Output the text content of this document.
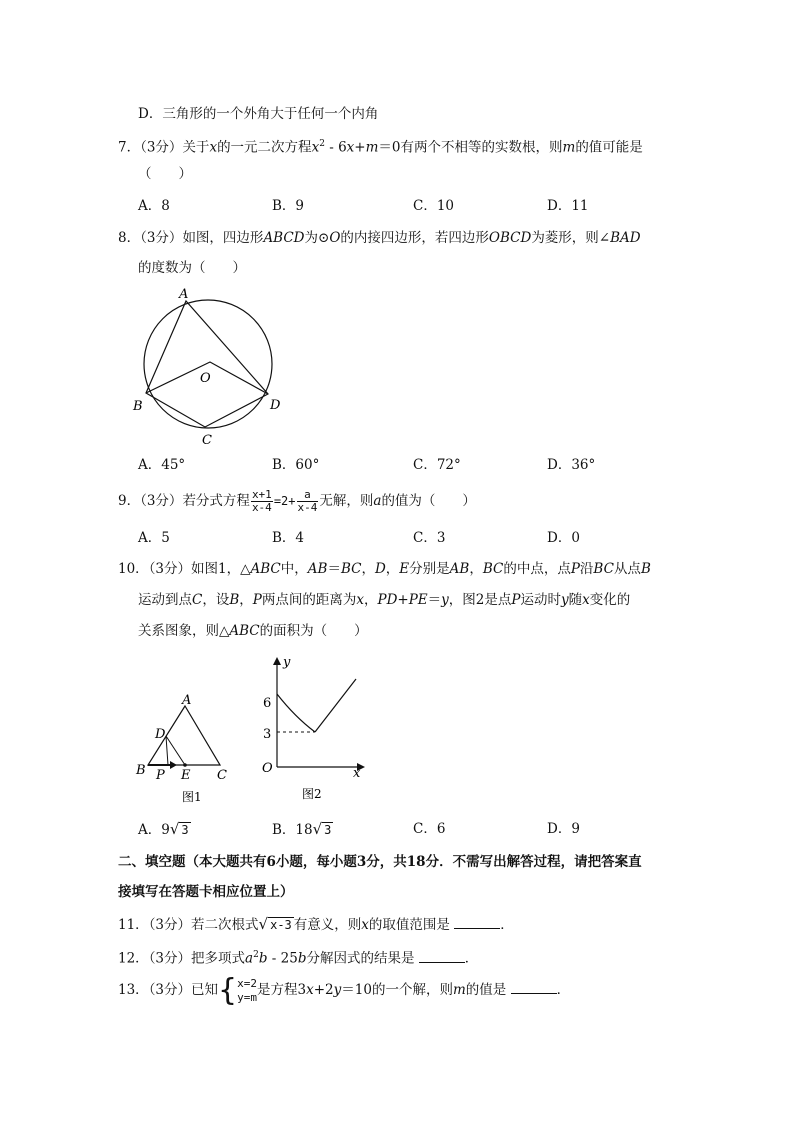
D．三角形的一个外角大于任何一个内角
7．（3分）关于x的一元二次方程$x^2 - 6x+m=0$有两个不相等的实数根，则m的值可能是
（　　）
A．8	B．9	C．10	D．11
8．（3分）如图，四边形ABCD为⊙O的内接四边形，若四边形OBCD为菱形，则∠BAD
的度数为（　　）
A
O
B	D
C
A．45°	B．60°	C．72°	D．36°
9．（3分）若分式方程 $\frac{x+1}{x-4} =2+ \frac{a}{x-4}$ 无解，则a的值为（　　）
A．5	B．4	C．3	D．0
10．（3分）如图1，△ABC中，AB＝BC，D，E分别是AB，BC的中点，点P沿BC从点B
运动到点C，设B，P两点间的距离为x，PD+PE＝y，图2是点P运动时y随x变化的
关系图象，则△ABC的面积为（　　）
A
D
B P E C
图1
y
6
3
O	x
图2
A．9√ 3	B．18√ 3	C．6	D．9
二、填空题（本大题共有6小题，每小题3分，共18分．不需写出解答过程，请把答案直
接填写在答题卡相应位置上）
11．（3分）若二次根式√ x-3 有意义，则x的取值范围是	．
12．（3分）把多项式$a^2b - 25b$分解因式的结果是	．
13．（3分）已知{ x=2
y=m 是方程3x+2y＝10的一个解，则m的值是	．
